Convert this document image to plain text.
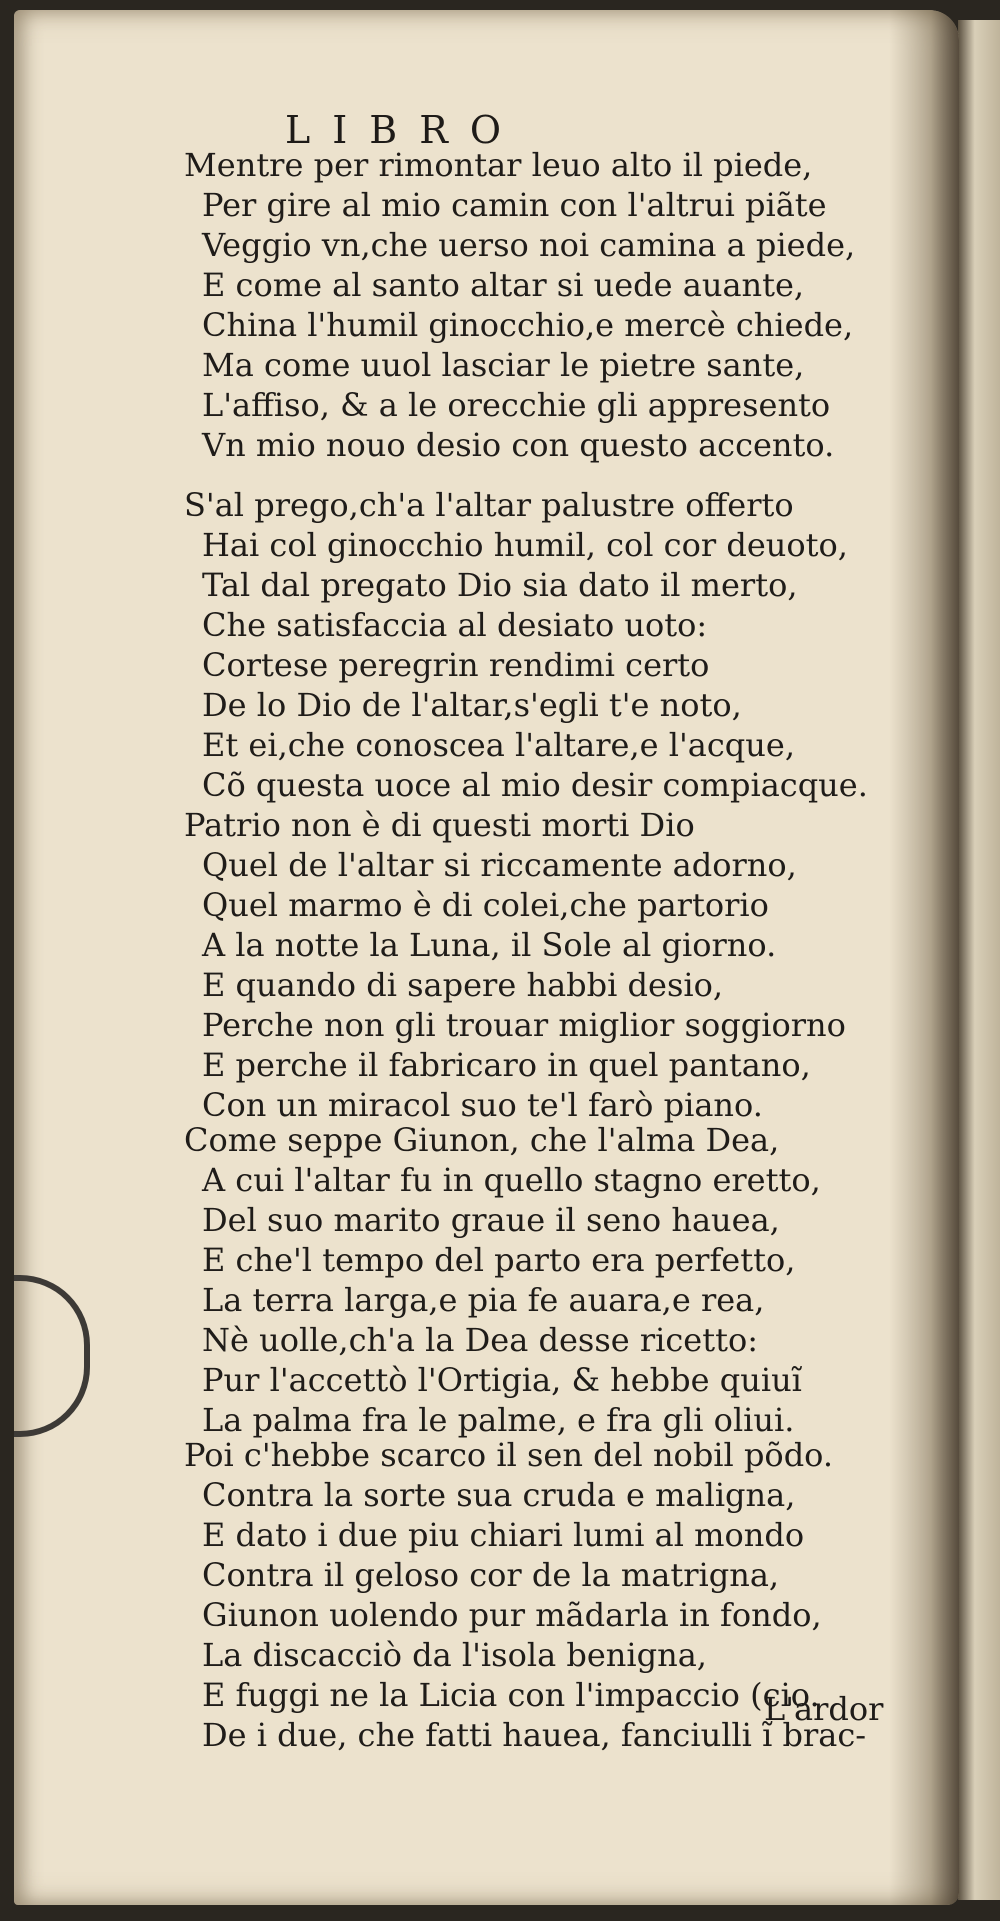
LIBRO
Mentre per rimontar leuo alto il piede,
Per gire al mio camin con l'altrui piãte
Veggio vn,che uerso noi camina a piede,
E come al santo altar si uede auante,
China l'humil ginocchio,e mercè chiede,
Ma come uuol lasciar le pietre sante,
L'affiso, & a le orecchie gli appresento
Vn mio nouo desio con questo accento.
S'al prego,ch'a l'altar palustre offerto
Hai col ginocchio humil, col cor deuoto,
Tal dal pregato Dio sia dato il merto,
Che satisfaccia al desiato uoto:
Cortese peregrin rendimi certo
De lo Dio de l'altar,s'egli t'e noto,
Et ei,che conoscea l'altare,e l'acque,
Cõ questa uoce al mio desir compiacque.
Patrio non è di questi morti Dio
Quel de l'altar si riccamente adorno,
Quel marmo è di colei,che partorio
A la notte la Luna, il Sole al giorno.
E quando di sapere habbi desio,
Perche non gli trouar miglior soggiorno
E perche il fabricaro in quel pantano,
Con un miracol suo te'l farò piano.
Come seppe Giunon, che l'alma Dea,
A cui l'altar fu in quello stagno eretto,
Del suo marito graue il seno hauea,
E che'l tempo del parto era perfetto,
La terra larga,e pia fe auara,e rea,
Nè uolle,ch'a la Dea desse ricetto:
Pur l'accettò l'Ortigia, & hebbe quiuĩ
La palma fra le palme, e fra gli oliui.
Poi c'hebbe scarco il sen del nobil põdo.
Contra la sorte sua cruda e maligna,
E dato i due piu chiari lumi al mondo
Contra il geloso cor de la matrigna,
Giunon uolendo pur mãdarla in fondo,
La discacciò da l'isola benigna,
E fuggi ne la Licia con l'impaccio (cio.
De i due, che fatti hauea, fanciulli ĩ brac-
L'ardor
